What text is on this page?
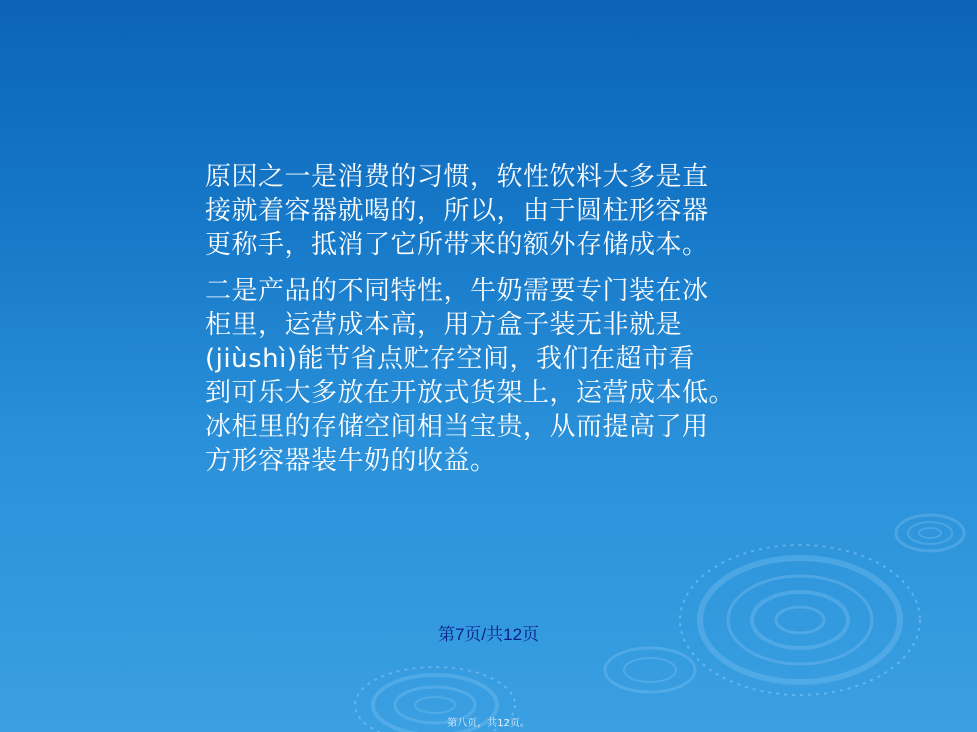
原因之一是消费的习惯，软性饮料大多是直
接就着容器就喝的，所以，由于圆柱形容器
更称手，抵消了它所带来的额外存储成本。
二是产品的不同特性，牛奶需要专门装在冰
柜里，运营成本高，用方盒子装无非就是
(jiùshì)能节省点贮存空间，我们在超市看
到可乐大多放在开放式货架上，运营成本低。
冰柜里的存储空间相当宝贵，从而提高了用
方形容器装牛奶的收益。
第7页/共12页
第八页，共12页。
